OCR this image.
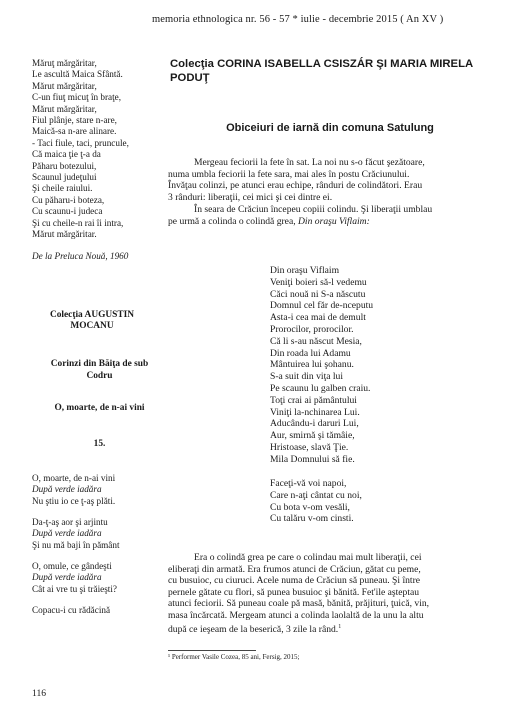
memoria ethnologica nr. 56 - 57 * iulie - decembrie 2015 ( An XV )
Măruţ mărgăritar,
Le ascultă Maica Sfântă.
Mărut mărgăritar,
C-un fiuţ micuţ în braţe,
Mărut mărgăritar,
Fiul plânje, stare n-are,
Maică-sa n-are alinare.
- Taci fiule, taci, pruncule,
Că maica ţie ţ-a da
Păharu botezului,
Scaunul judeţului
Şi cheile raiului.
Cu păharu-i boteza,
Cu scaunu-i judeca
Şi cu cheile-n rai îi intra,
Mărut mărgăritar.
De la Preluca Nouă, 1960
Colecţia AUGUSTIN
MOCANU
Corinzi din Băiţa de sub
Codru
O, moarte, de n-ai vini
15.
O, moarte, de n-ai vini
După verde iadăra
Nu ştiu io ce ţ-aş plăti.
Da-ţ-aş aor şi arjintu
După verde iadăra
Şi nu mă baji în pământ
O, omule, ce gândeşti
După verde iadăra
Cât ai vre tu şi trăieşti?
Copacu-i cu rădăcină
Colecţia CORINA ISABELLA CSISZÁR ŞI MARIA MIRELA PODUŢ
Obiceiuri de iarnă din comuna Satulung
Mergeau feciorii la fete în sat. La noi nu s-o făcut şezătoare,
numa umbla feciorii la fete sara, mai ales în postu Crăciunului.
Învăţau colinzi, pe atunci erau echipe, rânduri de colindători. Erau
3 rânduri: liberaţii, cei mici şi cei dintre ei.
În seara de Crăciun începeu copiii colindu. Şi liberaţii umblau
pe urmă a colinda o colindă grea, Din oraşu Viflaim:
Din oraşu Viflaim
Veniţi boieri să-l vedemu
Căci nouă ni S-a născutu
Domnul cel făr de-nceputu
Asta-i cea mai de demult
Prorocilor, prorocilor.
Că li s-au născut Mesia,
Din roada lui Adamu
Mântuirea lui şohanu.
S-a suit din viţa lui
Pe scaunu lu galben craiu.
Toţi crai ai pământului
Viniţi la-nchinarea Lui.
Aducându-i daruri Lui,
Aur, smirnă şi tămâie,
Hristoase, slavă Ţie.
Mila Domnului să fie.
Faceţi-vă voi napoi,
Care n-aţi cântat cu noi,
Cu bota v-om vesăli,
Cu talăru v-om cinsti.
Era o colindă grea pe care o colindau mai mult liberaţii, cei
eliberaţi din armată. Era frumos atunci de Crăciun, gătat cu peme,
cu busuioc, cu ciuruci. Acele numa de Crăciun să puneau. Şi între
pernele gătate cu flori, să punea busuioc şi bănită. Fet'ile aşteptau
atunci feciorii. Să puneau coale pă masă, bănită, prăjituri, ţuică, vin,
masa încărcată. Mergeam atunci a colinda laolaltă de la unu la altu
după ce ieşeam de la beserică, 3 zile la rând.$^1$
¹ Performer Vasile Cozea, 85 ani, Fersig, 2015;
116
